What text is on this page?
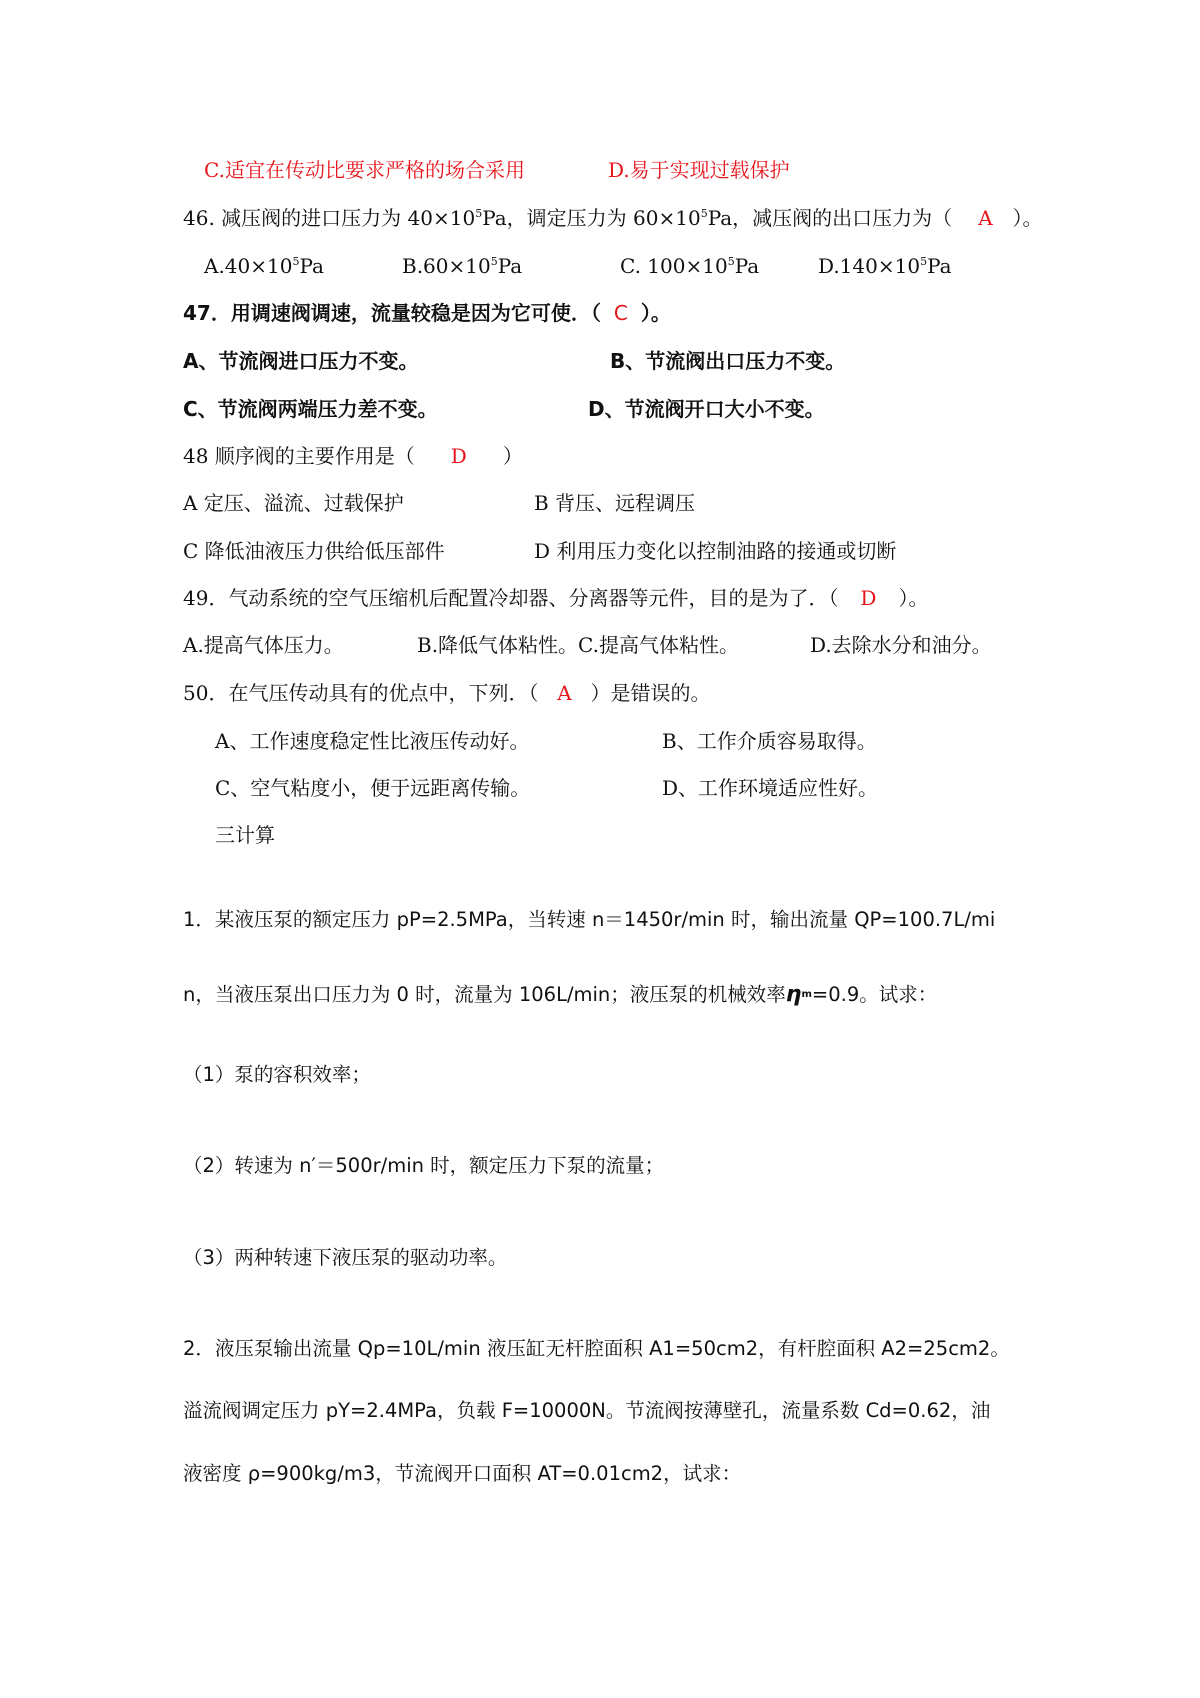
C.适宜在传动比要求严格的场合采用	D.易于实现过载保护
46. 减压阀的进口压力为 $40\times 10^5Pa$，调定压力为 $60\times 10^5Pa$，减压阀的出口压力为（ A ）。
$A.40\times 10^5Pa$	$B.60\times 10^5Pa$	C. $100\times 10^5Pa$	$D.140\times 10^5Pa$
47．用调速阀调速，流量较稳是因为它可使．（ C ）。
A、节流阀进口压力不变。	B、节流阀出口压力不变。
C、节流阀两端压力差不变。	D、节流阀开口大小不变。
48 顺序阀的主要作用是（ D ）
A 定压、溢流、过载保护	B 背压、远程调压
C 降低油液压力供给低压部件	D 利用压力变化以控制油路的接通或切断
49．气动系统的空气压缩机后配置冷却器、分离器等元件，目的是为了．（ D ）。
A.提高气体压力。	B.降低气体粘性。C.提高气体粘性。	D.去除水分和油分。
50．在气压传动具有的优点中，下列．（ A ）是错误的。
A、工作速度稳定性比液压传动好。	B、工作介质容易取得。
C、空气粘度小，便于远距离传输。	D、工作环境适应性好。
三计算
1．某液压泵的额定压力 pP=2.5MPa，当转速 n＝1450r/min 时，输出流量 QP=100.7L/mi
n，当液压泵出口压力为 0 时，流量为 106L/min；液压泵的机械效率ηm=0.9。试求：
（1）泵的容积效率；
（2）转速为 n′＝500r/min 时，额定压力下泵的流量；
（3）两种转速下液压泵的驱动功率。
2．液压泵输出流量 Qp=10L/min 液压缸无杆腔面积 A1=50cm2，有杆腔面积 A2=25cm2。
溢流阀调定压力 pY=2.4MPa，负载 F=10000N。节流阀按薄壁孔，流量系数 Cd=0.62，油
液密度 ρ=900kg/m3，节流阀开口面积 AT=0.01cm2，试求：
